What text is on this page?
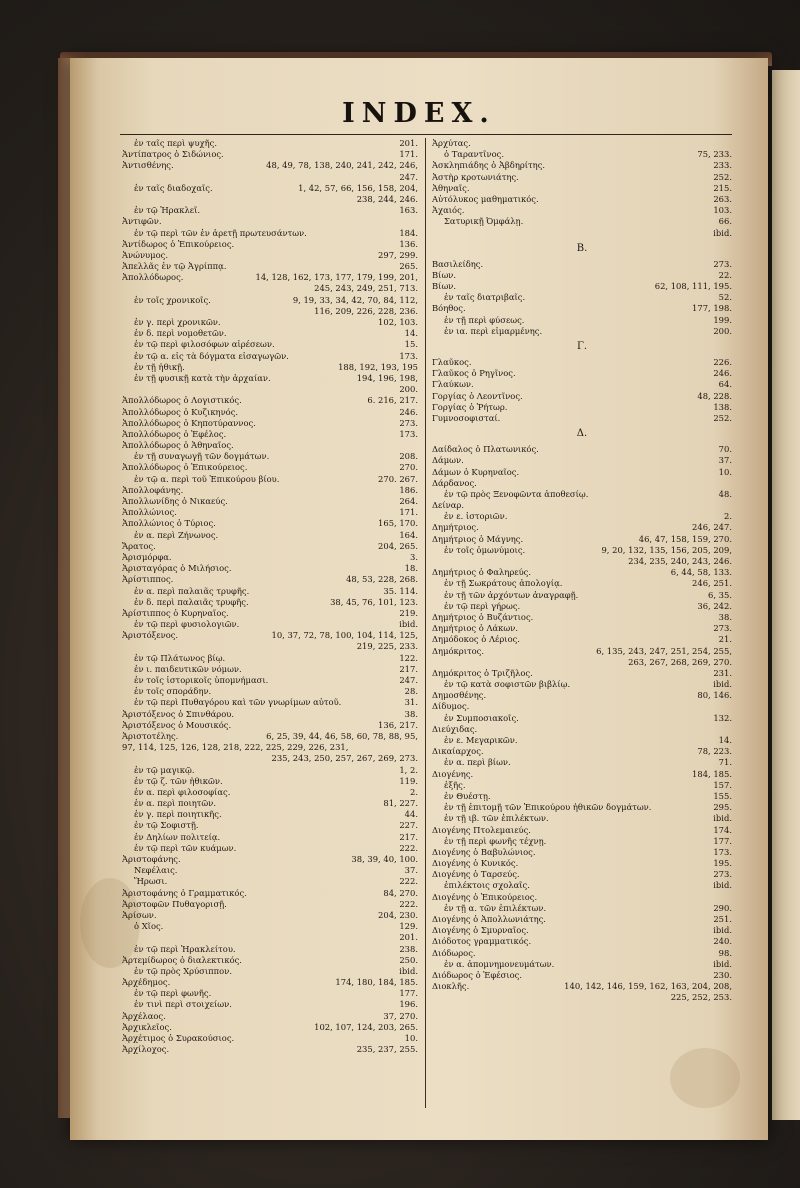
INDEX.
ἐν ταῖς περὶ ψυχῆς.	201.
Ἀντίπατρος ὁ Σιδώνιος.	171.
Ἀντισθένης.	48, 49, 78, 138, 240, 241, 242, 246,
247.
ἐν ταῖς διαδοχαῖς.	1, 42, 57, 66, 156, 158, 204,
238, 244, 246.
ἐν τῷ Ἡρακλεῖ.	163.
Ἀντιφῶν.
ἐν τῷ περὶ τῶν ἐν ἀρετῇ πρωτευσάντων.	184.
Ἀντίδωρος ὁ Ἐπικούρειος.	136.
Ἀνώνυμος.	297, 299.
Ἀπελλᾶς ἐν τῷ Ἀγρίππᾳ.	265.
Ἀπολλόδωρος.	14, 128, 162, 173, 177, 179, 199, 201,
245, 243, 249, 251, 713.
ἐν τοῖς χρονικοῖς.	9, 19, 33, 34, 42, 70, 84, 112,
116, 209, 226, 228, 236.
ἐν γ. περὶ χρονικῶν.	102, 103.
ἐν δ. περὶ νομοθετῶν.	14.
ἐν τῷ περὶ φιλοσόφων αἱρέσεων.	15.
ἐν τῷ α. εἰς τὰ δόγματα εἰσαγωγῶν.	173.
ἐν τῇ ἠθικῇ.	188, 192, 193, 195
ἐν τῇ φυσικῇ κατὰ τὴν ἀρχαίαν.	194, 196, 198,
200.
Ἀπολλόδωρος ὁ Λογιστικός.	6. 216, 217.
Ἀπολλόδωρος ὁ Κυζικηνός.	246.
Ἀπολλόδωρος ὁ Κηποτύραννος.	273.
Ἀπολλόδωρος ὁ Ἐφέλος.	173.
Ἀπολλόδωρος ὁ Ἀθηναῖος.
ἐν τῇ συναγωγῇ τῶν δογμάτων.	208.
Ἀπολλόδωρος ὁ Ἐπικούρειος.	270.
ἐν τῷ α. περὶ τοῦ Ἐπικούρου βίου.	270. 267.
Ἀπολλοφάνης.	186.
Ἀπολλωνίδης ὁ Νικαεύς.	264.
Ἀπολλώνιος.	171.
Ἀπολλώνιος ὁ Τύριος.	165, 170.
ἐν α. περὶ Ζήνωνος.	164.
Ἄρατος.	204, 265.
Ἀρισμόρφα.	3.
Ἀρισταγόρας ὁ Μιλήσιος.	18.
Ἀρίστιππος.	48, 53, 228, 268.
ἐν α. περὶ παλαιᾶς τρυφῆς.	35. 114.
ἐν δ. περὶ παλαιᾶς τρυφῆς.	38, 45, 76, 101, 123.
Ἀρίστιππος ὁ Κυρηναῖος.	219.
ἐν τῷ περὶ φυσιολογιῶν.	ibid.
Ἀριστόξενος.	10, 37, 72, 78, 100, 104, 114, 125,
219, 225, 233.
ἐν τῷ Πλάτωνος βίῳ.	122.
ἐν ι. παιδευτικῶν νόμων.	217.
ἐν τοῖς ἱστορικοῖς ὑπομνήμασι.	247.
ἐν τοῖς σποράδην.	28.
ἐν τῷ περὶ Πυθαγόρου καὶ τῶν γνωρίμων αὐτοῦ.	31.
Ἀριστόξενος ὁ Σπινθάρου.	38.
Ἀριστόξενος ὁ Μουσικός.	136, 217.
Ἀριστοτέλης.	6, 25, 39, 44, 46, 58, 60, 78, 88, 95,
97, 114, 125, 126, 128, 218, 222, 225, 229, 226, 231,
235, 243, 250, 257, 267, 269, 273.
ἐν τῷ μαγικῷ.	1, 2.
ἐν τῷ ζ. τῶν ἠθικῶν.	119.
ἐν α. περὶ φιλοσοφίας.	2.
ἐν α. περὶ ποιητῶν.	81, 227.
ἐν γ. περὶ ποιητικῆς.	44.
ἐν τῷ Σοφιστῇ.	227.
ἐν Δηλίων πολιτείᾳ.	217.
ἐν τῷ περὶ τῶν κυάμων.	222.
Ἀριστοφάνης.	38, 39, 40, 100.
Νεφέλαις.	37.
Ἥρωσι.	222.
Ἀριστοφάνης ὁ Γραμματικός.	84, 270.
Ἀριστοφῶν Πυθαγορισῇ.	222.
Ἀρίσων.	204, 230.
ὁ Χῖος.	129.
201.
ἐν τῷ περὶ Ἡρακλείτου.	238.
Ἀρτεμίδωρος ὁ διαλεκτικός.	250.
ἐν τῷ πρὸς Χρύσιππον.	ibid.
Ἀρχέδημος.	174, 180, 184, 185.
ἐν τῷ περὶ φωνῆς.	177.
ἐν τινὶ περὶ στοιχείων.	196.
Ἀρχέλαος.	37, 270.
Ἀρχικλεῖος.	102, 107, 124, 203, 265.
Ἀρχέτιμος ὁ Συρακούσιος.	10.
Ἀρχίλοχος.	235, 237, 255.
Ἀρχύτας.
ὁ Ταραντῖνος.	75, 233.
Ἀσκληπιάδης ὁ Ἀβδηρίτης.	233.
Ἀστὴρ κροτωνιάτης.	252.
Ἀθηναῖς.	215.
Αὐτόλυκος μαθηματικός.	263.
Ἀχαιός.	103.
Σατυρικῇ Ὀμφάλῃ.	66.
ibid.
B.
Βασιλείδης.	273.
Βίων.	22.
Βίων.	62, 108, 111, 195.
ἐν ταῖς διατριβαῖς.	52.
Βόηθος.	177, 198.
ἐν τῇ περὶ φύσεως.	199.
ἐν ια. περὶ εἱμαρμένης.	200.
Γ.
Γλαῦκος.	226.
Γλαῦκος ὁ Ρηγῖνος.	246.
Γλαύκων.	64.
Γοργίας ὁ Λεοντῖνος.	48, 228.
Γοργίας ὁ Ῥήτωρ.	138.
Γυμνοσοφισταί.	252.
Δ.
Δαίδαλος ὁ Πλατωνικός.	70.
Δάμων.	37.
Δάμων ὁ Κυρηναῖος.	10.
Δάρδανος.
ἐν τῷ πρὸς Ξενοφῶντα ἀποθεσίῳ.	48.
Δείναρ.
ἐν ε. ἱστοριῶν.	2.
Δημήτριος.	246, 247.
Δημήτριος ὁ Μάγνης.	46, 47, 158, 159, 270.
ἐν τοῖς ὁμωνύμοις.	9, 20, 132, 135, 156, 205, 209,
234, 235, 240, 243, 246.
Δημήτριος ὁ Φαληρεύς.	6, 44, 58, 133.
ἐν τῇ Σωκράτους ἀπολογίᾳ.	246, 251.
ἐν τῇ τῶν ἀρχόντων ἀναγραφῇ.	6, 35.
ἐν τῷ περὶ γήρως.	36, 242.
Δημήτριος ὁ Βυζάντιος.	38.
Δημήτριος ὁ Λάκων.	273.
Δημόδοκος ὁ Λέριος.	21.
Δημόκριτος.	6, 135, 243, 247, 251, 254, 255,
263, 267, 268, 269, 270.
Δημόκριτος ὁ Τριζῆλος.	231.
ἐν τῷ κατὰ σοφιστῶν βιβλίῳ.	ibid.
Δημοσθένης.	80, 146.
Δίδυμος.
ἐν Συμποσιακοῖς.	132.
Διεύχιδας.
ἐν ε. Μεγαρικῶν.	14.
Δικαίαρχος.	78, 223.
ἐν α. περὶ βίων.	71.
Διογένης.	184, 185.
ἐξῆς.	157.
ἐν Θυέστῃ.	155.
ἐν τῇ ἐπιτομῇ τῶν Ἐπικούρου ἠθικῶν δογμάτων.	295.
ἐν τῇ ιβ. τῶν ἐπιλέκτων.	ibid.
Διογένης Πτολεμαιεύς.	174.
ἐν τῇ περὶ φωνῆς τέχνῃ.	177.
Διογένης ὁ Βαβυλώνιος.	173.
Διογένης ὁ Κυνικός.	195.
Διογένης ὁ Ταρσεύς.	273.
ἐπιλέκτοις σχολαῖς.	ibid.
Διογένης ὁ Ἐπικούρειος.
ἐν τῇ α. τῶν ἐπιλέκτων.	290.
Διογένης ὁ Ἀπολλωνιάτης.	251.
Διογένης ὁ Σμυρναῖος.	ibid.
Διόδοτος γραμματικός.	240.
Διόδωρος.	98.
ἐν α. ἀπομνημονευμάτων.	ibid.
Διόδωρος ὁ Ἐφέσιος.	230.
Διοκλῆς.	140, 142, 146, 159, 162, 163, 204, 208,
225, 252, 253.
